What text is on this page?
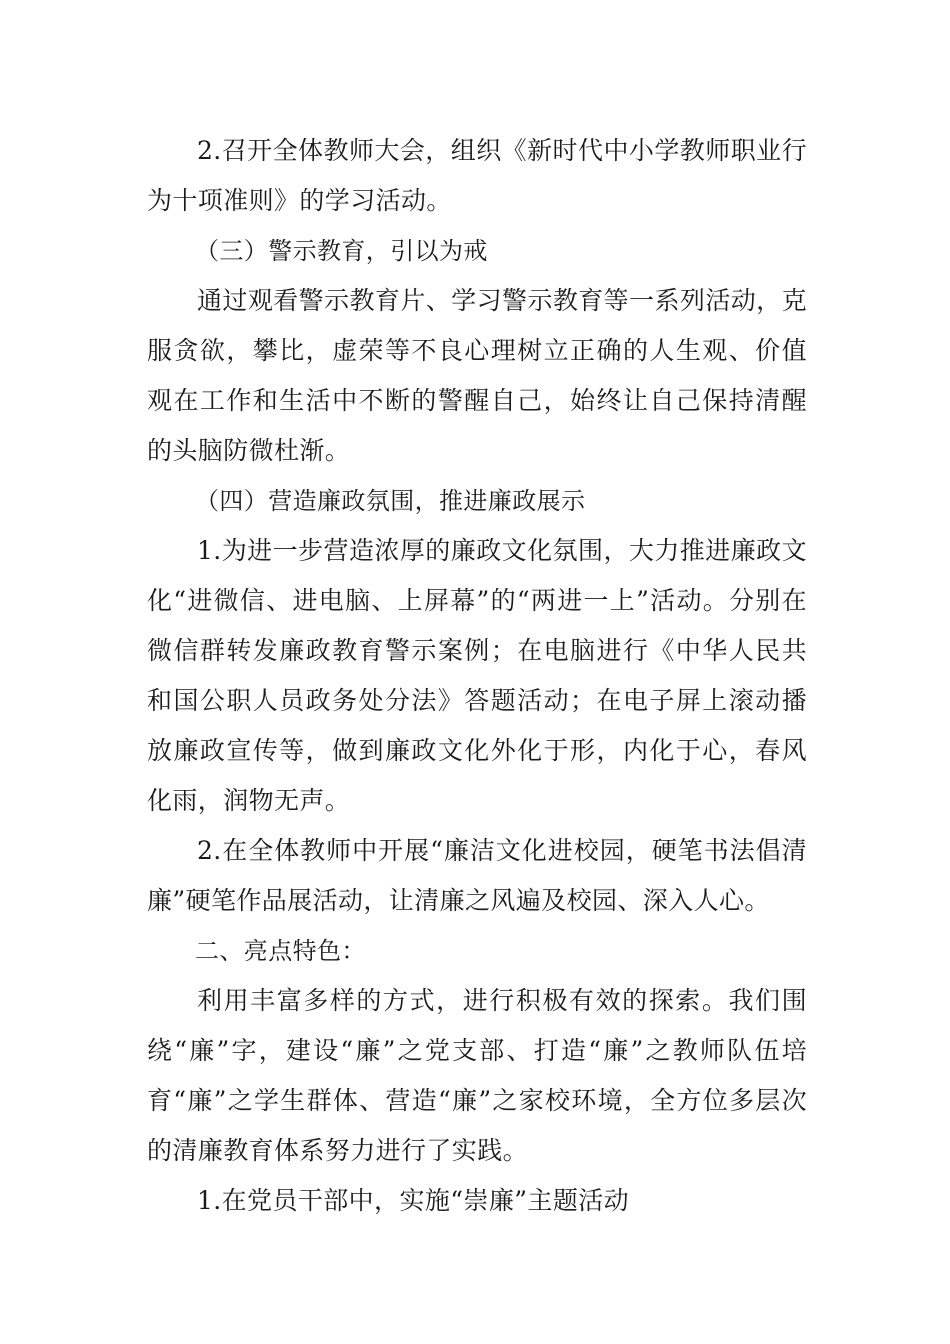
2.召开全体教师大会，组织《新时代中小学教师职业行为十项准则》的学习活动。

（三）警示教育，引以为戒

通过观看警示教育片、学习警示教育等一系列活动，克服贪欲，攀比，虚荣等不良心理树立正确的人生观、价值观在工作和生活中不断的警醒自己，始终让自己保持清醒的头脑防微杜渐。

（四）营造廉政氛围，推进廉政展示

1.为进一步营造浓厚的廉政文化氛围，大力推进廉政文化“进微信、进电脑、上屏幕”的“两进一上”活动。分别在微信群转发廉政教育警示案例；在电脑进行《中华人民共和国公职人员政务处分法》答题活动；在电子屏上滚动播放廉政宣传等，做到廉政文化外化于形，内化于心，春风化雨，润物无声。

2.在全体教师中开展“廉洁文化进校园，硬笔书法倡清廉”硬笔作品展活动，让清廉之风遍及校园、深入人心。

二、亮点特色：

利用丰富多样的方式，进行积极有效的探索。我们围绕“廉”字，建设“廉”之党支部、打造“廉”之教师队伍培育“廉”之学生群体、营造“廉”之家校环境，全方位多层次的清廉教育体系努力进行了实践。

1.在党员干部中，实施“崇廉”主题活动
